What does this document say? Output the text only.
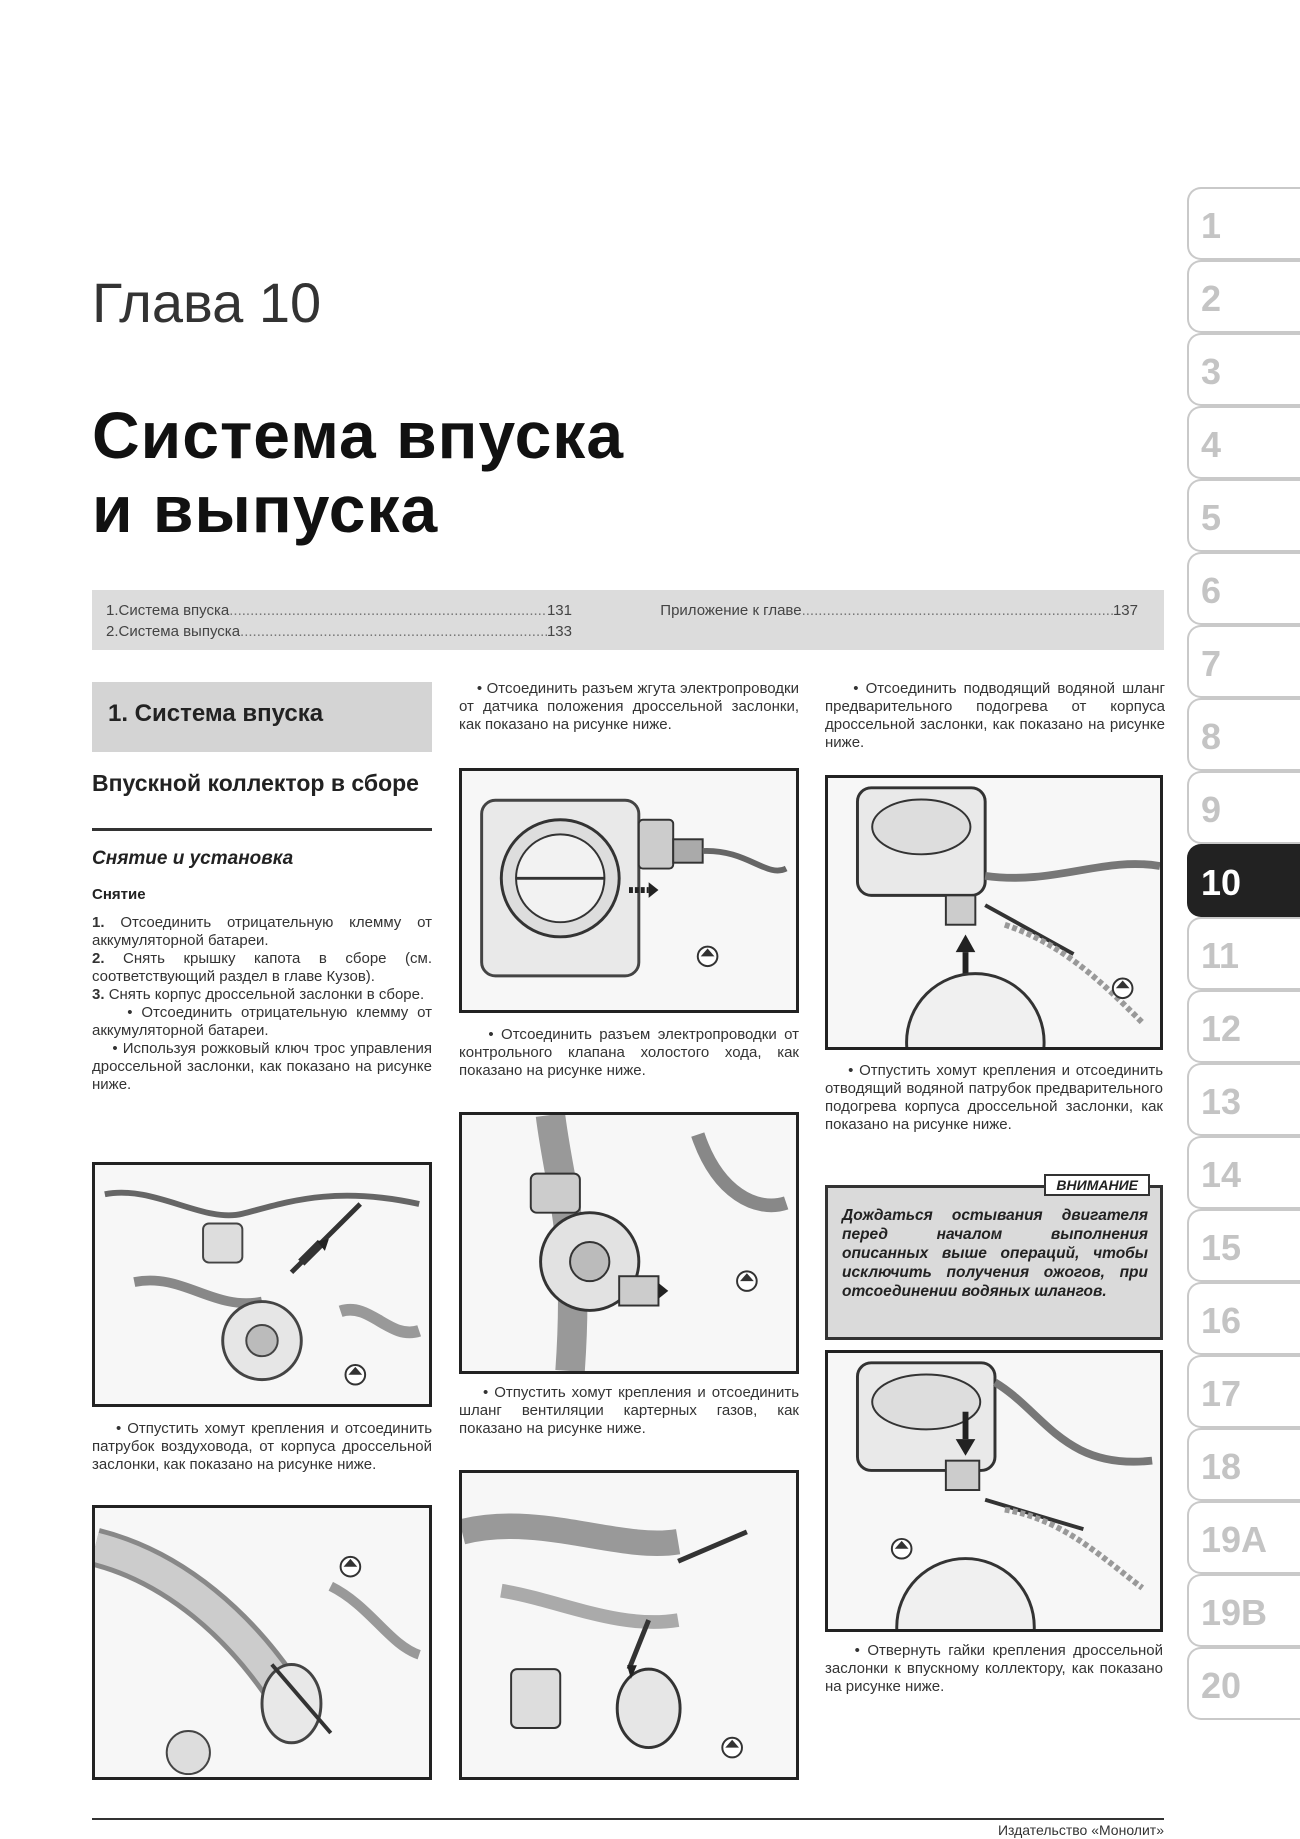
Глава 10
Система впуска
и выпуска
1. Система впуска .....	131
2. Система выпуска .....	133
Приложение к главе .....	137
1. Система впуска
Впускной коллектор в сборе
Снятие и установка
Снятие

1. Отсоединить отрицательную клемму от аккумуляторной батареи.

2. Снять крышку капота в сборе (см. соответствующий раздел в главе Кузов).

3. Снять корпус дроссельной заслонки в сборе.

• Отсоединить отрицательную клемму от аккумуляторной батареи.

• Используя рожковый ключ трос управления дроссельной заслонки, как показано на рисунке ниже.

• Отпустить хомут крепления и отсоединить патрубок воздуховода, от корпуса дроссельной заслонки, как показано на рисунке ниже.

• Отсоединить разъем жгута электропроводки от датчика положения дроссельной заслонки, как показано на рисунке ниже.

• Отсоединить разъем электропроводки от контрольного клапана холостого хода, как показано на рисунке ниже.

• Отпустить хомут крепления и отсоединить шланг вентиляции картерных газов, как показано на рисунке ниже.

• Отсоединить подводящий водяной шланг предварительного подогрева от корпуса дроссельной заслонки, как показано на рисунке ниже.

• Отпустить хомут крепления и отсоединить отводящий водяной патрубок предварительного подогрева корпуса дроссельной заслонки, как показано на рисунке ниже.

ВНИМАНИЕ
Дождаться остывания двигателя перед началом выполнения описанных выше операций, чтобы исключить получения ожогов, при отсоединении водяных шлангов.

• Отвернуть гайки крепления дроссельной заслонки к впускному коллектору, как показано на рисунке ниже.

Издательство «Монолит»
1
2
3
4
5
6
7
8
9
10
11
12
13
14
15
16
17
18
19A
19B
20
